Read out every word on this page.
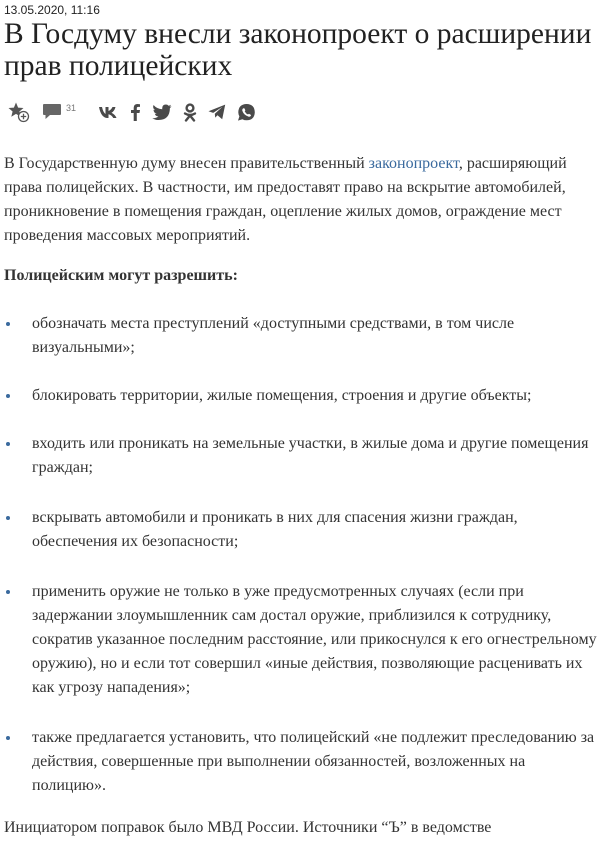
13.05.2020, 11:16
В Госдуму внесли законопроект о расширении прав полицейских
31

В Государственную думу внесен правительственный законопроект, расширяющий права полицейских. В частности, им предоставят право на вскрытие автомобилей, проникновение в помещения граждан, оцепление жилых домов, ограждение мест проведения массовых мероприятий.

Полицейским могут разрешить:

обозначать места преступлений «доступными средствами, в том числе визуальными»;
блокировать территории, жилые помещения, строения и другие объекты;
входить или проникать на земельные участки, в жилые дома и другие помещения граждан;
вскрывать автомобили и проникать в них для спасения жизни граждан, обеспечения их безопасности;
применить оружие не только в уже предусмотренных случаях (если при задержании злоумышленник сам достал оружие, приблизился к сотруднику, сократив указанное последним расстояние, или прикоснулся к его огнестрельному оружию), но и если тот совершил «иные действия, позволяющие расценивать их как угрозу нападения»;
также предлагается установить, что полицейский «не подлежит преследованию за действия, совершенные при выполнении обязанностей, возложенных на полицию».

Инициатором поправок было МВД России. Источники “Ъ” в ведомстве
